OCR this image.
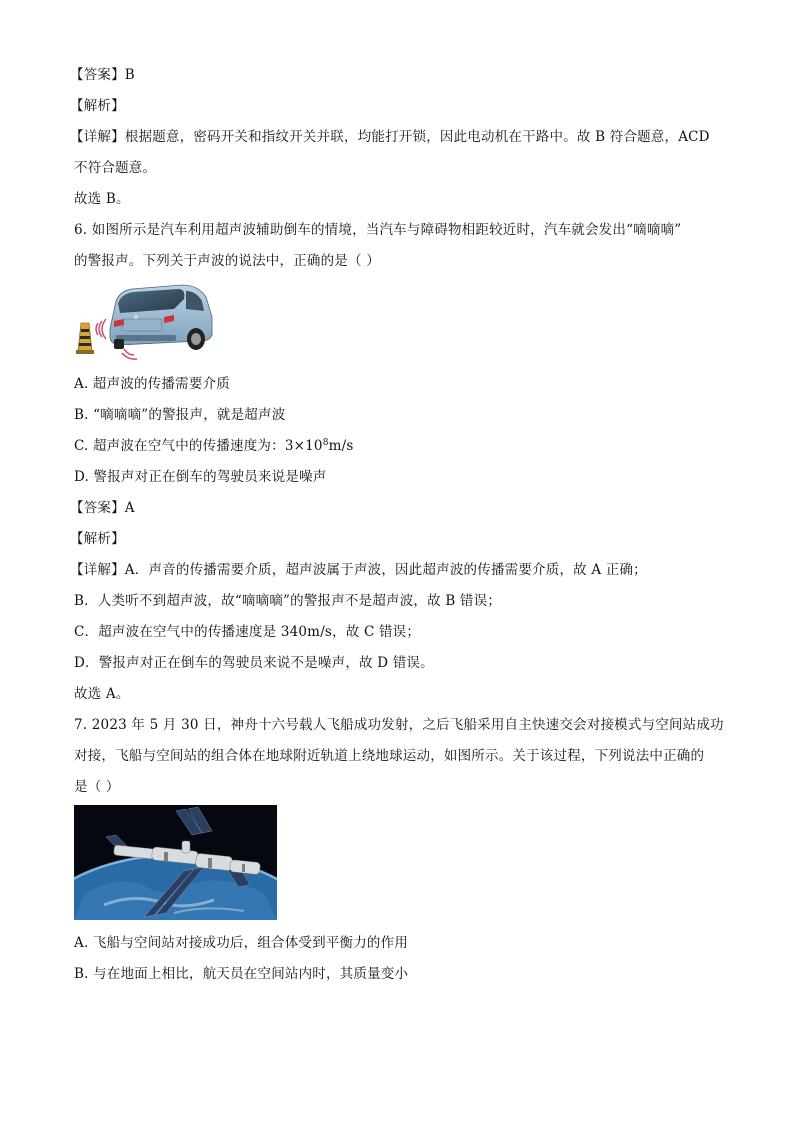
【答案】B
【解析】
【详解】根据题意，密码开关和指纹开关并联，均能打开锁，因此电动机在干路中。故 B 符合题意，ACD
不符合题意。
故选 B。
6. 如图所示是汽车利用超声波辅助倒车的情境，当汽车与障碍物相距较近时，汽车就会发出“嘀嘀嘀”
的警报声。下列关于声波的说法中，正确的是（ ）
A. 超声波的传播需要介质
B. “嘀嘀嘀”的警报声，就是超声波
C. 超声波在空气中的传播速度为：$3\times 10^8m/s$
D. 警报声对正在倒车的驾驶员来说是噪声
【答案】A
【解析】
【详解】A．声音的传播需要介质，超声波属于声波，因此超声波的传播需要介质，故 A 正确；
B．人类听不到超声波，故“嘀嘀嘀”的警报声不是超声波，故 B 错误；
C．超声波在空气中的传播速度是 340m/s，故 C 错误；
D．警报声对正在倒车的驾驶员来说不是噪声，故 D 错误。
故选 A。
7. 2023 年 5 月 30 日，神舟十六号载人飞船成功发射，之后飞船采用自主快速交会对接模式与空间站成功
对接，飞船与空间站的组合体在地球附近轨道上绕地球运动，如图所示。关于该过程，下列说法中正确的
是（ ）
A. 飞船与空间站对接成功后，组合体受到平衡力的作用
B. 与在地面上相比，航天员在空间站内时，其质量变小
